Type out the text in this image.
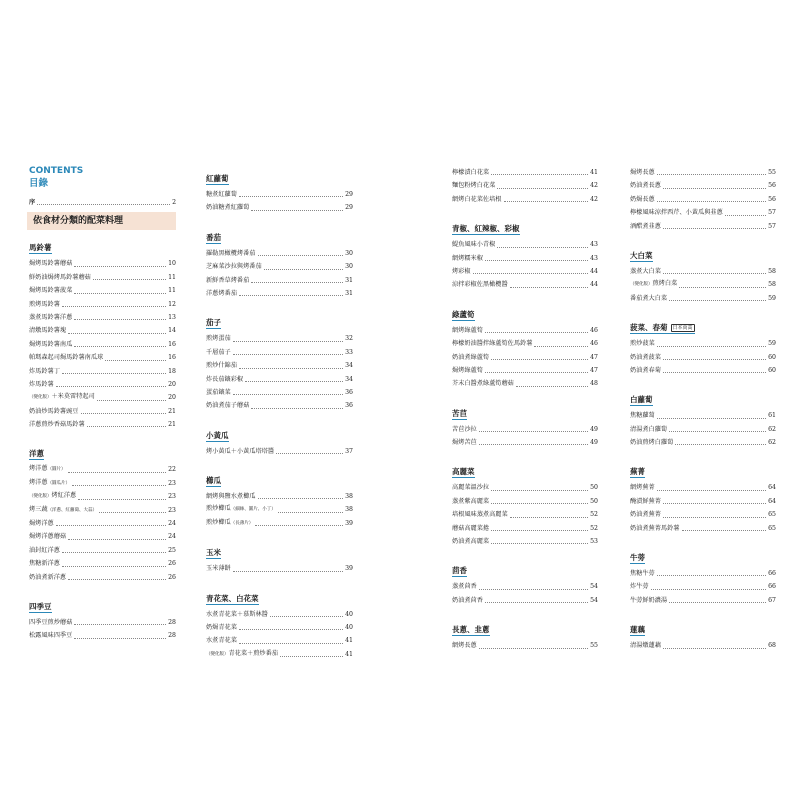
CONTENTS

目錄

序	2
依食材分類的配菜料理
馬鈴薯
焗烤馬鈴薯蘑菇	10
鮮奶油焗烤馬鈴薯蘑菇	11
焗烤馬鈴薯菠菜	11
煎烤馬鈴薯	12
蒸煮馬鈴薯洋蔥	13
清燉馬鈴薯塊	14
焗烤馬鈴薯南瓜	16
帕瑪森起司焗馬鈴薯南瓜球	16
炸馬鈴薯丁	18
炸馬鈴薯	20
（變化版）＋米莫雷特起司	20
奶油炒馬鈴薯豌豆	21
洋蔥煎炒香菇馬鈴薯	21
洋蔥
烤洋蔥（圓片）	22
烤洋蔥（圓瓜片）	23
（變化版）烤紅洋蔥	23
烤三蔬（洋蔥、紅蘿蔔、大蒜）	23
焗烤洋蔥	24
焗烤洋蔥蘑菇	24
油封紅洋蔥	25
焦糖新洋蔥	26
奶油煮新洋蔥	26
四季豆
四季豆煎炒蘑菇	28
松露風味四季豆	28
紅蘿蔔
糖煮紅蘿蔔	29
奶油糖煮紅蘿蔔	29
番茄
羅勒黑橄欖烤番茄	30
芝麻菜沙拉與烤番茄	30
新鮮香草烤番茄	31
洋蔥烤番茄	31
茄子
煎烤蛋茄	32
千層茄子	33
煎炒什錦茄	34
炸長茄鑲彩椒	34
蛋茄鑲菜	36
奶油煮茄子蘑菇	36
小黃瓜
烤小黃瓜＋小黃瓜塔塔醬	37
櫛瓜
網烤與鹽水煮櫛瓜	38
煎炒櫛瓜（細絲、圓片、小丁）	38
煎炒櫛瓜（長薄片）	39
玉米
玉米薄餅	39
青花菜、白花菜
水煮青花菜＋慕斯林醬	40
奶焗青花菜	40
水煮青花菜	41
（變化版）青花菜＋煎炒番茄	41
檸檬漬白花菜	41
麵包粉烤白花菜	42
網烤白花菜佐培根	42
青椒、紅辣椒、彩椒
鯷魚風味小青椒	43
網烤糯米椒	43
烤彩椒	44
涼拌彩椒佐黑橄欖醬	44
綠蘆筍
網烤綠蘆筍	46
檸檬奶油醬拌綠蘆筍佐馬鈴薯	46
奶油煮綠蘆筍	47
焗烤綠蘆筍	47
芥末白醬煮綠蘆筍蘑菇	48
苦苣
苦苣沙拉	49
焗烤苦苣	49
高麗菜
高麗菜溫沙拉	50
蒸煮紫高麗菜	50
培根風味蒸煮高麗菜	52
蘑菇高麗菜捲	52
奶油煮高麗菜	53
茴香
蒸煮茴香	54
奶油煮茴香	54
長蔥、韭蔥
網烤長蔥	55
焗烤長蔥	55
奶油煮長蔥	56
奶焗長蔥	56
檸檬風味涼拌西芹、小黃瓜與韭蔥	57
酒醋煮韭蔥	57
大白菜
蒸煮大白菜	58
（變化版）煎烤白菜	58
番茄煮大白菜	59
菠菜、春菊 日本茼蒿
煎炒菠菜	59
奶油煮菠菜	60
奶油煮春菊	60
白蘿蔔
焦糖蘿蔔	61
清湯煮白蘿蔔	62
奶油煎烤白蘿蔔	62
蕪菁
網烤蕪菁	64
醃漬鮮蕪菁	64
奶油煮蕪菁	65
奶油煮蕪菁馬鈴薯	65
牛蒡
焦糖牛蒡	66
炸牛蒡	66
牛蒡鮮奶濃湯	67
蓮藕
清湯燉蓮藕	68
